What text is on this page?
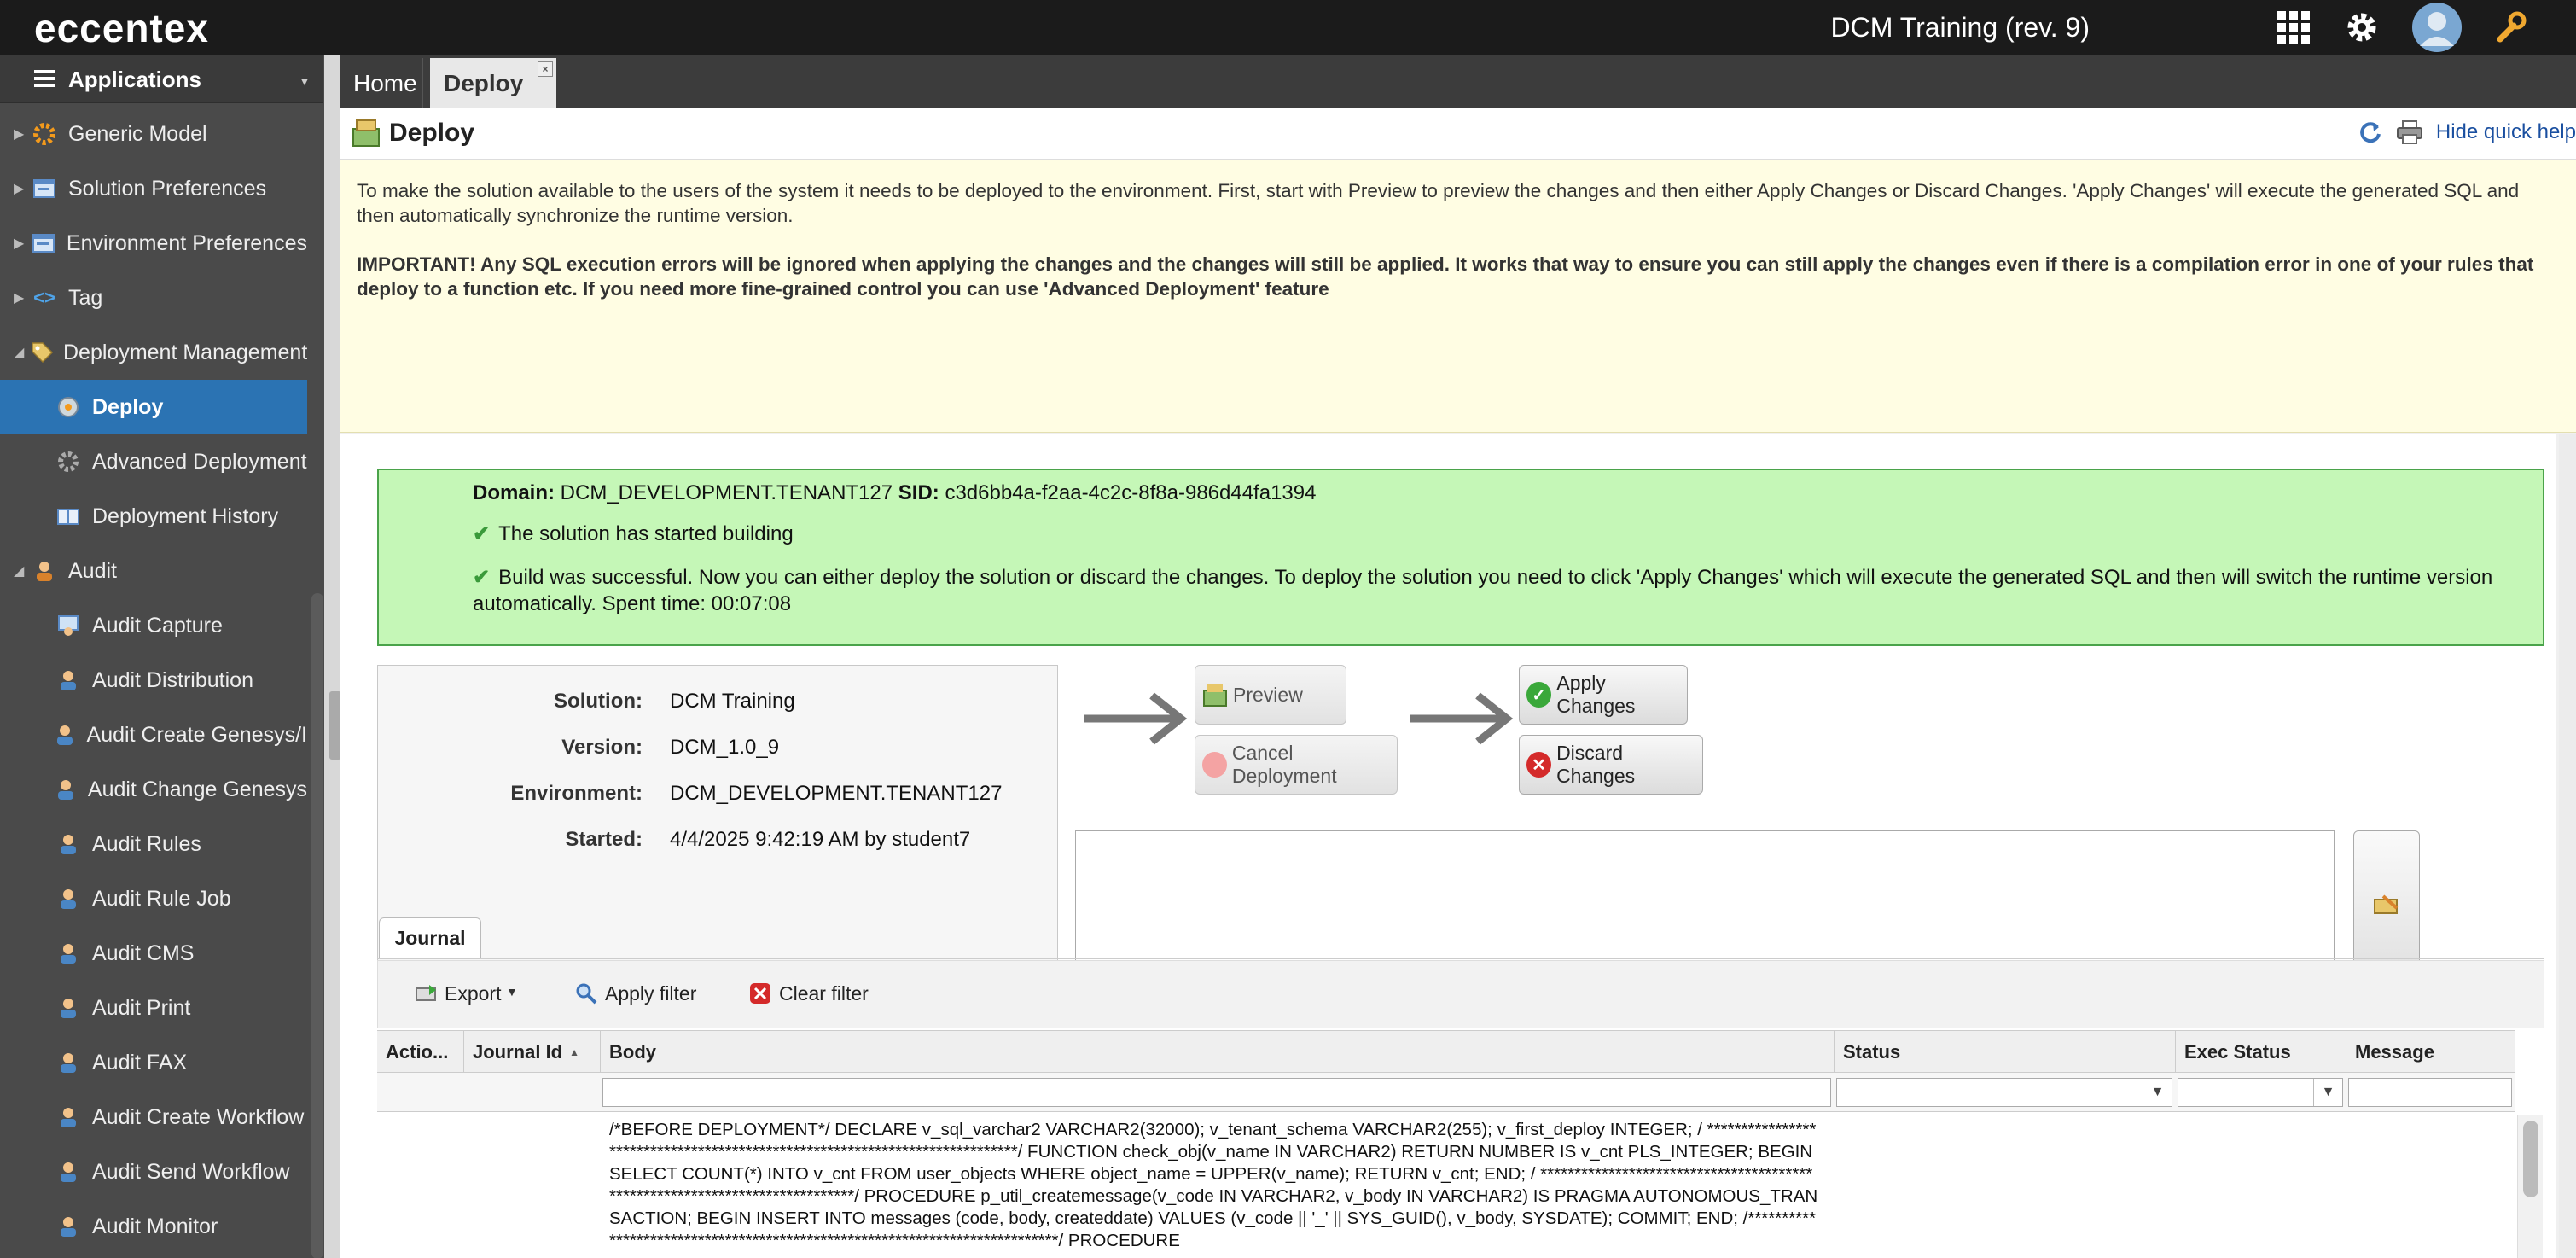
eccentex	DCM Training (rev. 9)
Applications	▼
▶ Generic Model
▶ Solution Preferences
▶ Environment Preferences
▶ <> Tag
◢ Deployment Management
Deploy
Advanced Deployment
Deployment History
◢ Audit
Audit Capture
Audit Distribution
Audit Create Genesys/I
Audit Change Genesys
Audit Rules
Audit Rule Job
Audit CMS
Audit Print
Audit FAX
Audit Create Workflow
Audit Send Workflow
Audit Monitor
Home Deploy
×
Deploy	Hide quick help

To make the solution available to the users of the system it needs to be deployed to the environment. First, start with Preview to preview the changes and then either Apply Changes or Discard Changes. 'Apply Changes' will execute the generated SQL and then automatically synchronize the runtime version.

IMPORTANT! Any SQL execution errors will be ignored when applying the changes and the changes will still be applied. It works that way to ensure you can still apply the changes even if there is a compilation error in one of your rules that deploy to a function etc. If you need more fine-grained control you can use 'Advanced Deployment' feature

Domain: DCM_DEVELOPMENT.TENANT127 SID: c3d6bb4a-f2aa-4c2c-8f8a-986d44fa1394
✔ The solution has started building
✔ Build was successful. Now you can either deploy the solution or discard the changes. To deploy the solution you need to click 'Apply Changes' which will execute the generated SQL and then will switch the runtime version automatically. Spent time: 00:07:08
Solution: DCM Training
Version: DCM_1.0_9
Environment: DCM_DEVELOPMENT.TENANT127
Started: 4/4/2025 9:42:19 AM by student7
Preview
Cancel Deployment
✓
Apply Changes
✕
Discard Changes
Journal
Export ▼	Apply filter	Clear filter
Actio...	Journal Id ▲	Body	Status	Exec Status	Message
▼	▼
/*BEFORE DEPLOYMENT*/ DECLARE v_sql_varchar2 VARCHAR2(32000); v_tenant_schema VARCHAR2(255); v_first_deploy INTEGER; / ****************************************************************************/ FUNCTION check_obj(v_name IN VARCHAR2) RETURN NUMBER IS v_cnt PLS_INTEGER; BEGIN SELECT COUNT(*) INTO v_cnt FROM user_objects WHERE object_name = UPPER(v_name); RETURN v_cnt; END; / ****************************************************************************/ PROCEDURE p_util_createmessage(v_code IN VARCHAR2, v_body IN VARCHAR2) IS PRAGMA AUTONOMOUS_TRANSACTION; BEGIN INSERT INTO messages (code, body, createddate) VALUES (v_code || '_' || SYS_GUID(), v_body, SYSDATE); COMMIT; END; /****************************************************************************/ PROCEDURE
